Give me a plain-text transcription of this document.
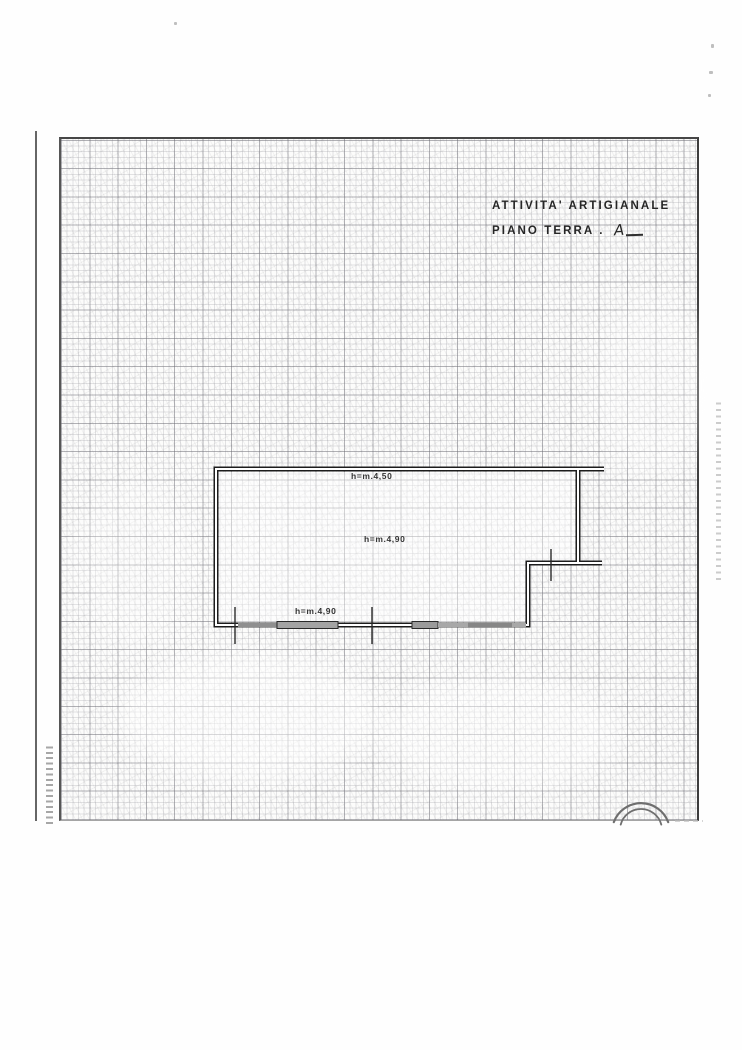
h=m.4,50
h=m.4,90
h=m.4,90
ATTIVITA' ARTIGIANALE
PIANO TERRA . A
